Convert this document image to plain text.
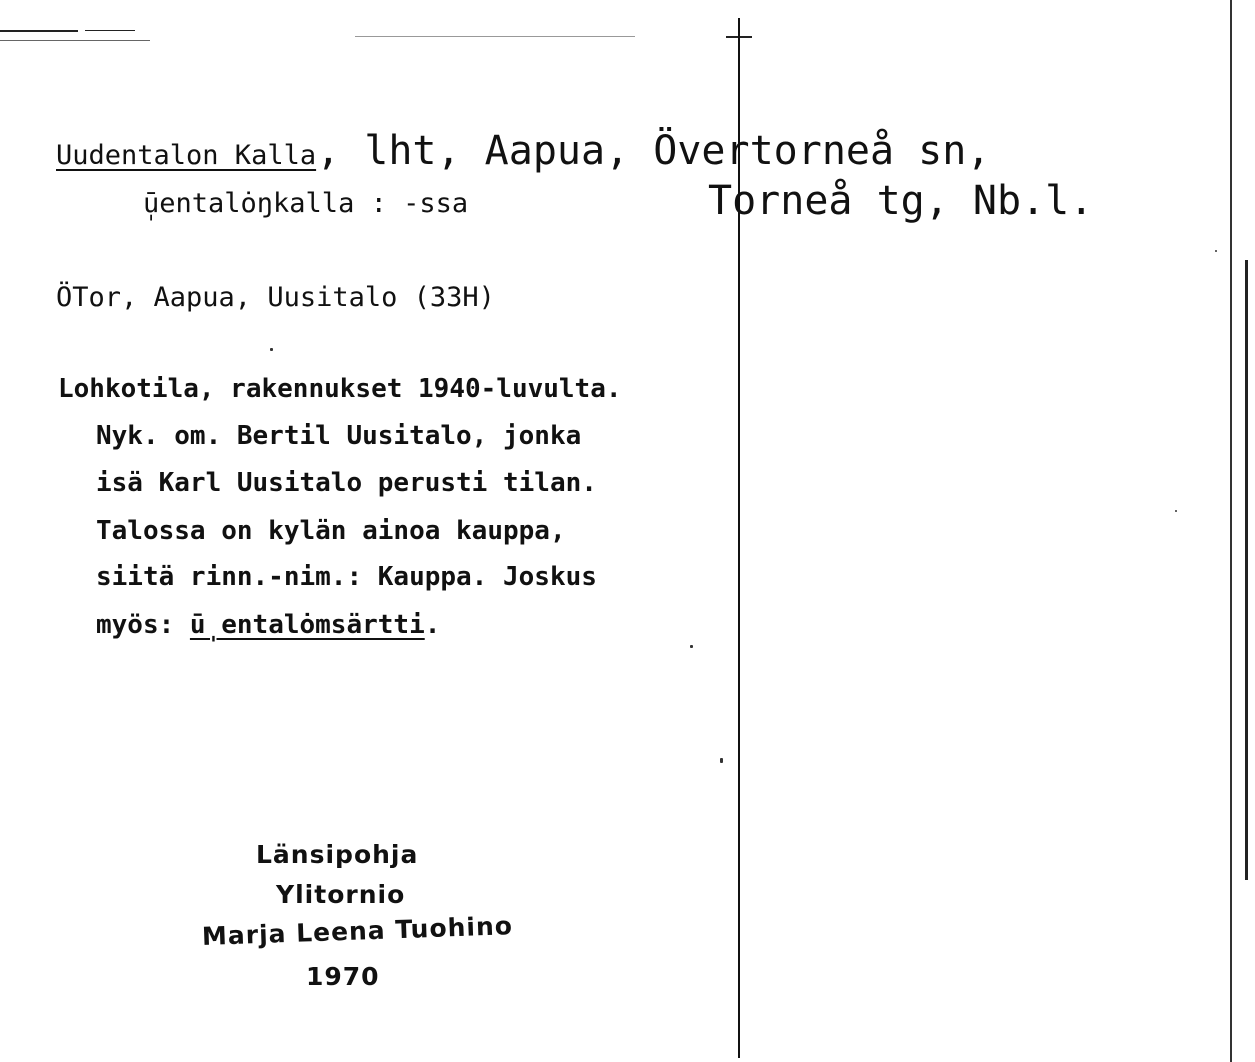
Uudentalon Kalla, lht, Aapua, Övertorneå sn,
Torneå tg, Nb.l.
ū̩entalȯŋkalla : -ssa
ÖTor, Aapua, Uusitalo (33H)
Lohkotila, rakennukset 1940-luvulta.
Nyk. om. Bertil Uusitalo, jonka
isä Karl Uusitalo perusti tilan.
Talossa on kylän ainoa kauppa,
siitä rinn.-nim.: Kauppa. Joskus
myös: ū̩entalȯmsärtti.
Länsipohja
Ylitornio
Marja Leena Tuohino
1970
